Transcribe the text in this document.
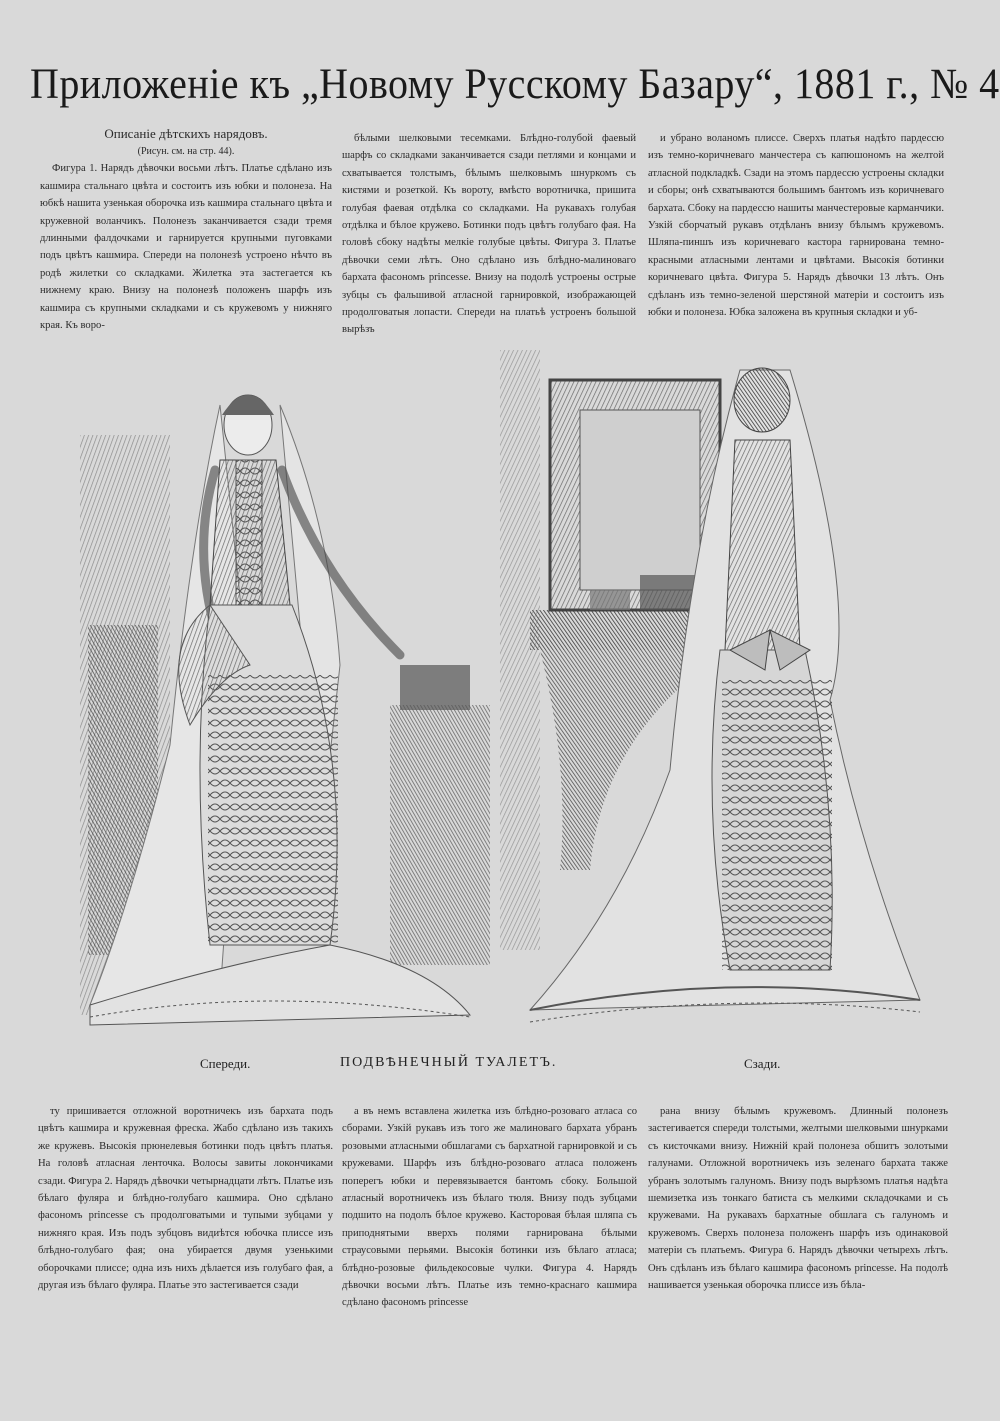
Приложеніе къ „Новому Русскому Базару“, 1881 г., № 4

Описаніе дѣтскихъ нарядовъ.

(Рисун. см. на стр. 44).

Фигура 1. Нарядъ дѣвочки восьми лѣтъ. Платье сдѣлано изъ кашмира стальнаго цвѣта и состоитъ изъ юбки и полонеза. На юбкѣ нашита узенькая оборочка изъ кашмира стальнаго цвѣта и кружевной воланчикъ. Полонезъ заканчивается сзади тремя длинными фалдочками и гарнируется крупными пуговками подъ цвѣтъ кашмира. Спереди на полонезѣ устроено нѣчто въ родѣ жилетки со складками. Жилетка эта застегается къ нижнему краю. Внизу на полонезѣ положенъ шарфъ изъ кашмира съ крупными складками и съ кружевомъ у нижняго края. Къ воро-

бѣлыми шелковыми тесемками. Блѣдно-голубой фаевый шарфъ со складками заканчивается сзади петлями и концами и схватывается толстымъ, бѣлымъ шелковымъ шнуркомъ съ кистями и розеткой. Къ вороту, вмѣсто воротничка, пришита голубая фаевая отдѣлка со складками. На рукавахъ голубая отдѣлка и бѣлое кружево. Ботинки подъ цвѣтъ голубаго фая. На головѣ сбоку надѣты мелкіе голубые цвѣты. Фигура 3. Платье дѣвочки семи лѣтъ. Оно сдѣлано изъ блѣдно-малиноваго бархата фасономъ princesse. Внизу на подолѣ устроены острые зубцы съ фальшивой атласной гарнировкой, изображающей продолговатыя лопасти. Спереди на платьѣ устроенъ большой вырѣзъ

и убрано воланомъ плиссе. Сверхъ платья надѣто пардессю изъ темно-коричневаго манчестера съ капюшономъ на желтой атласной подкладкѣ. Сзади на этомъ пардессю устроены складки и сборы; онѣ схватываются большимъ бантомъ изъ коричневаго бархата. Сбоку на пардессю нашиты манчестеровые карманчики. Узкій сборчатый рукавъ отдѣланъ внизу бѣлымъ кружевомъ. Шляпа-пиншъ изъ коричневаго кастора гарнирована темно-красными атласными лентами и цвѣтами. Высокія ботинки коричневаго цвѣта. Фигура 5. Нарядъ дѣвочки 13 лѣтъ. Онъ сдѣланъ изъ темно-зеленой шерстяной матеріи и состоитъ изъ юбки и полонеза. Юбка заложена въ крупныя складки и уб-

Спереди.	ПОДВѢНЕЧНЫЙ ТУАЛЕТЪ.	Сзади.

ту пришивается отложной воротничекъ изъ бархата подъ цвѣтъ кашмира и кружевная фреска. Жабо сдѣлано изъ такихъ же кружевъ. Высокія прюнелевыя ботинки подъ цвѣтъ платья. На головѣ атласная ленточка. Волосы завиты локончиками сзади. Фигура 2. Нарядъ дѣвочки четырнадцати лѣтъ. Платье изъ бѣлаго фуляра и блѣдно-голубаго кашмира. Оно сдѣлано фасономъ princesse съ продолговатыми и тупыми зубцами у нижняго края. Изъ подъ зубцовъ видиѣтся юбочка плиссе изъ блѣдно-голубаго фая; она убирается двумя узенькими оборочками плиссе; одна изъ нихъ дѣлается изъ голубаго фая, а другая изъ бѣлаго фуляра. Платье это застегивается сзади

а въ немъ вставлена жилетка изъ блѣдно-розоваго атласа со сборами. Узкій рукавъ изъ того же малиноваго бархата убранъ розовыми атласными обшлагами съ бархатной гарнировкой и съ кружевами. Шарфъ изъ блѣдно-розоваго атласа положенъ поперегъ юбки и перевязывается бантомъ сбоку. Большой атласный воротничекъ изъ бѣлаго тюля. Внизу подъ зубцами подшито на подолъ бѣлое кружево. Касторовая бѣлая шляпа съ приподнятыми вверхъ полями гарнирована бѣлыми страусовыми перьями. Высокія ботинки изъ бѣлаго атласа; блѣдно-розовые фильдекосовые чулки. Фигура 4. Нарядъ дѣвочки восьми лѣтъ. Платье изъ темно-краснаго кашмира сдѣлано фасономъ princesse

рана внизу бѣлымъ кружевомъ. Длинный полонезъ застегивается спереди толстыми, желтыми шелковыми шнурками съ кисточками внизу. Нижній край полонеза обшитъ золотыми галунами. Отложной воротничекъ изъ зеленаго бархата также убранъ золотымъ галуномъ. Внизу подъ вырѣзомъ платья надѣта шемизетка изъ тонкаго батиста съ мелкими складочками и съ кружевами. На рукавахъ бархатные обшлага съ галуномъ и кружевомъ. Сверхъ полонеза положенъ шарфъ изъ одинаковой матеріи съ платьемъ. Фигура 6. Нарядъ дѣвочки четырехъ лѣтъ. Онъ сдѣланъ изъ бѣлаго кашмира фасономъ princesse. На подолѣ нашивается узенькая оборочка плиссе изъ бѣла-
